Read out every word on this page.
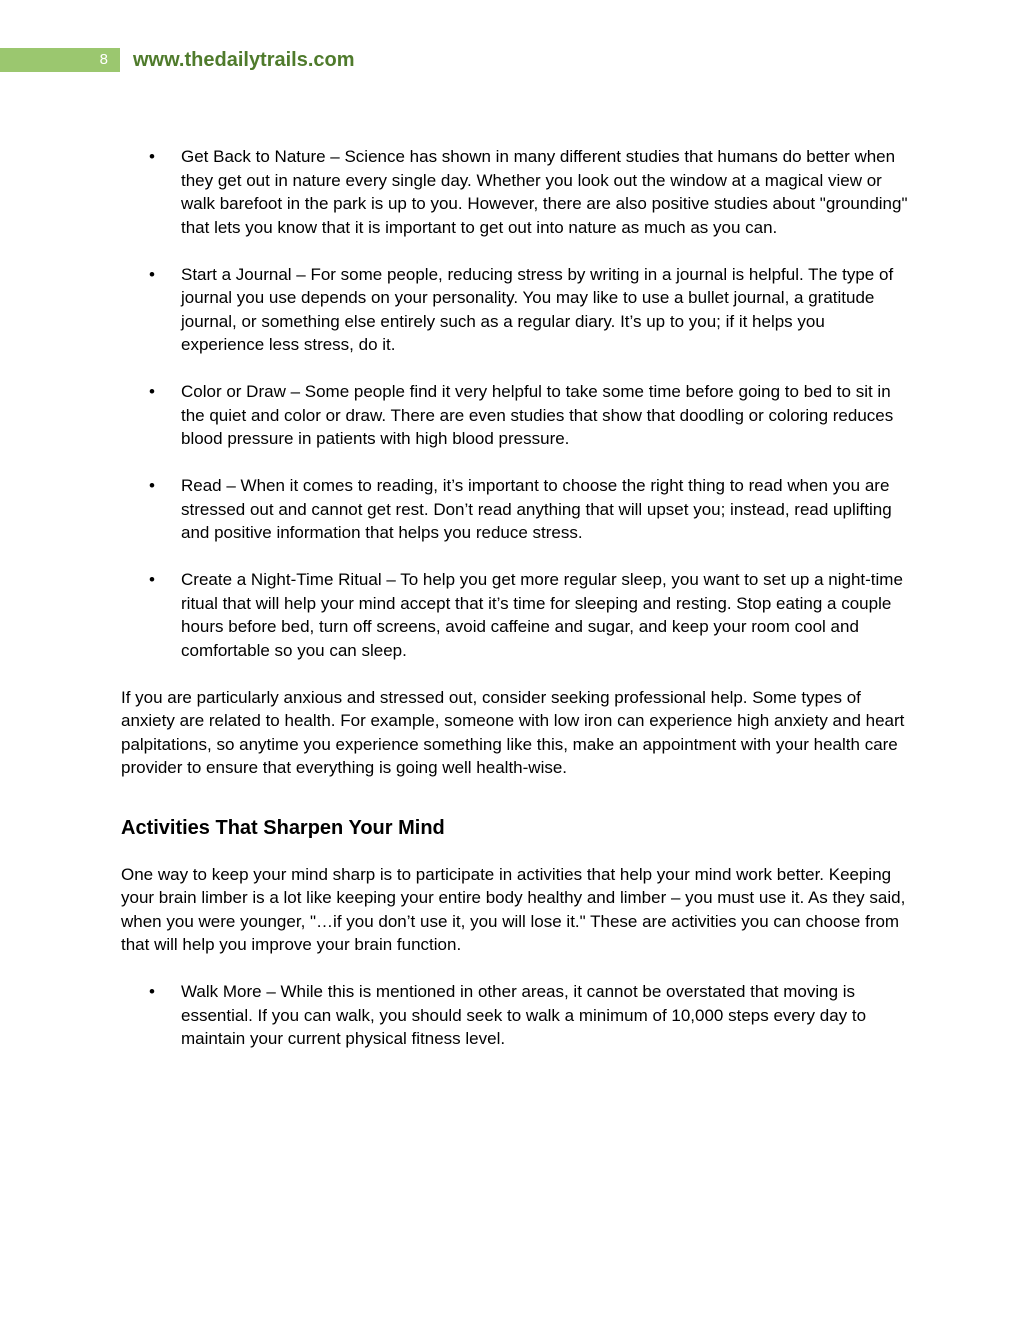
8	www.thedailytrails.com
• Get Back to Nature – Science has shown in many different studies that humans do better when they get out in nature every single day. Whether you look out the window at a magical view or walk barefoot in the park is up to you. However, there are also positive studies about "grounding" that lets you know that it is important to get out into nature as much as you can.
• Start a Journal – For some people, reducing stress by writing in a journal is helpful. The type of journal you use depends on your personality. You may like to use a bullet journal, a gratitude journal, or something else entirely such as a regular diary. It’s up to you; if it helps you experience less stress, do it.
• Color or Draw – Some people find it very helpful to take some time before going to bed to sit in the quiet and color or draw. There are even studies that show that doodling or coloring reduces blood pressure in patients with high blood pressure.
• Read – When it comes to reading, it’s important to choose the right thing to read when you are stressed out and cannot get rest. Don’t read anything that will upset you; instead, read uplifting and positive information that helps you reduce stress.
• Create a Night-Time Ritual – To help you get more regular sleep, you want to set up a night-time ritual that will help your mind accept that it’s time for sleeping and resting. Stop eating a couple hours before bed, turn off screens, avoid caffeine and sugar, and keep your room cool and comfortable so you can sleep.

If you are particularly anxious and stressed out, consider seeking professional help. Some types of anxiety are related to health. For example, someone with low iron can experience high anxiety and heart palpitations, so anytime you experience something like this, make an appointment with your health care provider to ensure that everything is going well health-wise.

Activities That Sharpen Your Mind

One way to keep your mind sharp is to participate in activities that help your mind work better. Keeping your brain limber is a lot like keeping your entire body healthy and limber – you must use it. As they said, when you were younger, "…if you don’t use it, you will lose it." These are activities you can choose from that will help you improve your brain function.

• Walk More – While this is mentioned in other areas, it cannot be overstated that moving is essential. If you can walk, you should seek to walk a minimum of 10,000 steps every day to maintain your current physical fitness level.
